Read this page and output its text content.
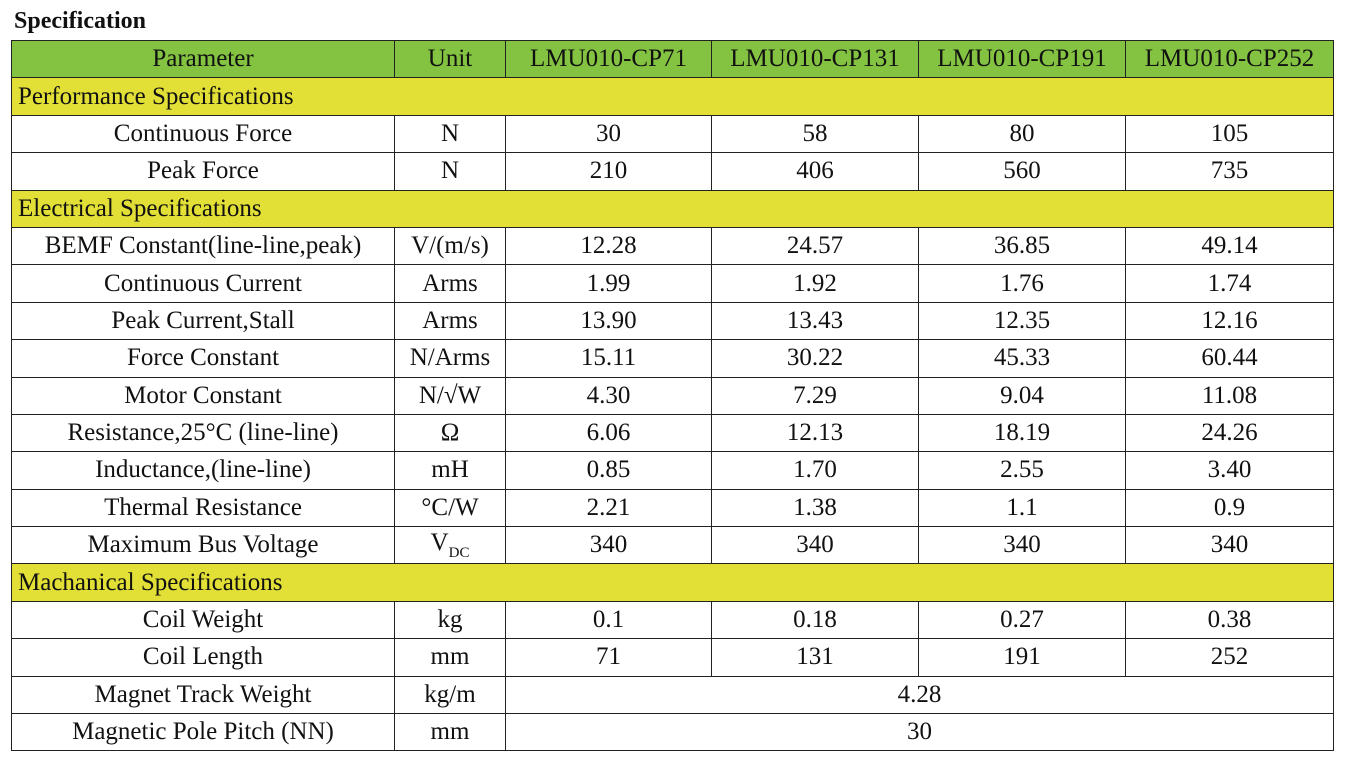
Specification
Parameter	Unit	LMU010-CP71	LMU010-CP131	LMU010-CP191	LMU010-CP252
Performance Specifications					
Continuous Force	N	30	58	80	105
Peak Force	N	210	406	560	735
Electrical Specifications					
BEMF Constant(line-line,peak)	V/(m/s)	12.28	24.57	36.85	49.14
Continuous Current	Arms	1.99	1.92	1.76	1.74
Peak Current,Stall	Arms	13.90	13.43	12.35	12.16
Force Constant	N/Arms	15.11	30.22	45.33	60.44
Motor Constant	N/√W	4.30	7.29	9.04	11.08
Resistance,25°C (line-line)	Ω	6.06	12.13	18.19	24.26
Inductance,(line-line)	mH	0.85	1.70	2.55	3.40
Thermal Resistance	°C/W	2.21	1.38	1.1	0.9
Maximum Bus Voltage	$V_{DC}$	340	340	340	340
Machanical Specifications					
Coil Weight	kg	0.1	0.18	0.27	0.38
Coil Length	mm	71	131	191	252
Magnet Track Weight	kg/m	4.28			
Magnetic Pole Pitch (NN)	mm	30			
